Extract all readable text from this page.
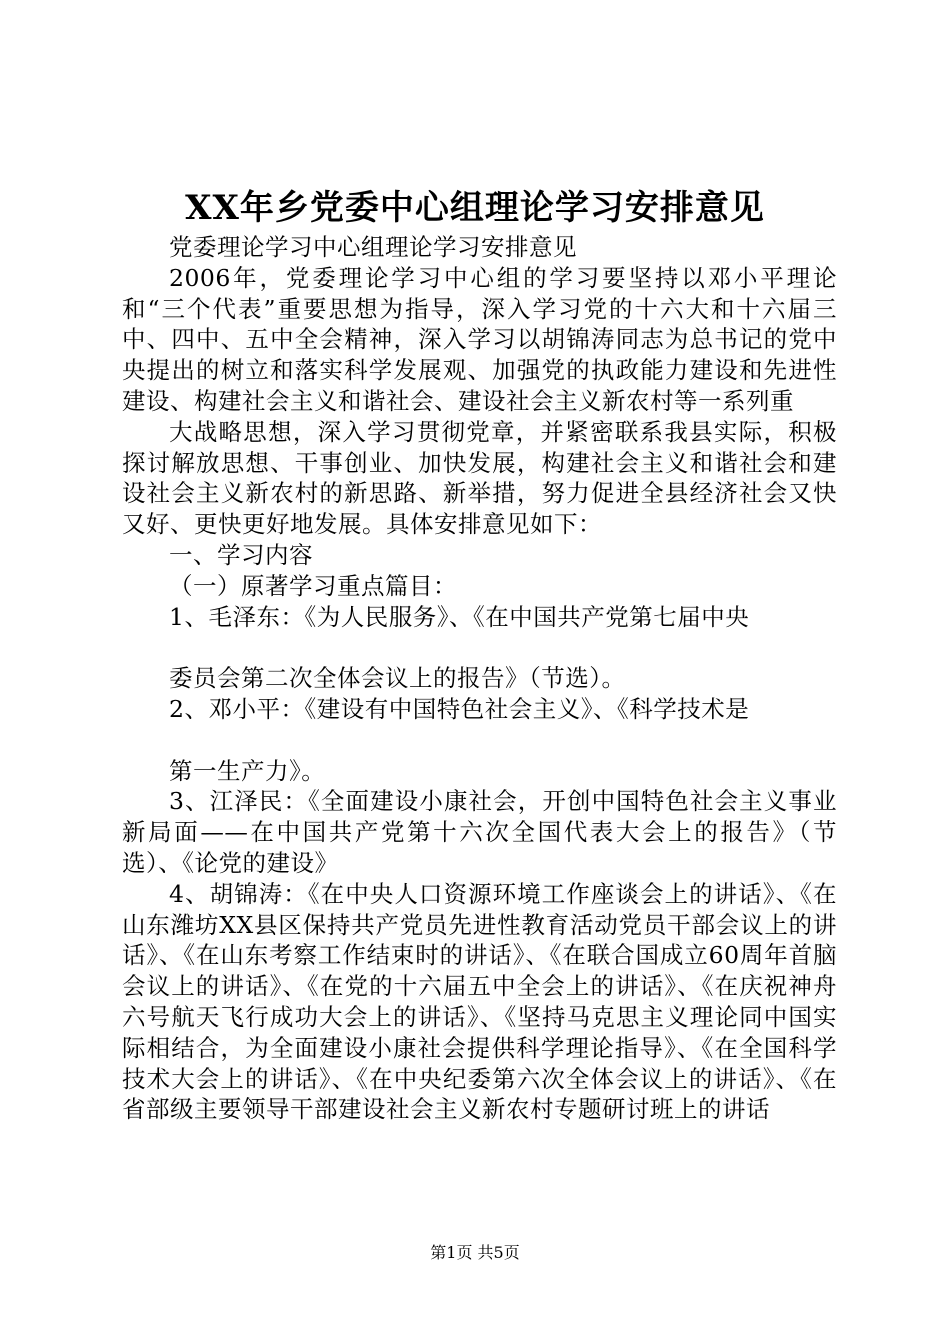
XX年乡党委中心组理论学习安排意见

党委理论学习中心组理论学习安排意见

2006年，党委理论学习中心组的学习要坚持以邓小平理论和“三个代表”重要思想为指导，深入学习党的十六大和十六届三中、四中、五中全会精神，深入学习以胡锦涛同志为总书记的党中央提出的树立和落实科学发展观、加强党的执政能力建设和先进性建设、构建社会主义和谐社会、建设社会主义新农村等一系列重

大战略思想，深入学习贯彻党章，并紧密联系我县实际，积极探讨解放思想、干事创业、加快发展，构建社会主义和谐社会和建设社会主义新农村的新思路、新举措，努力促进全县经济社会又快又好、更快更好地发展。具体安排意见如下：

一、学习内容

（一）原著学习重点篇目：

1、毛泽东：《为人民服务》、《在中国共产党第七届中央

委员会第二次全体会议上的报告》（节选）。

2、邓小平：《建设有中国特色社会主义》、《科学技术是

第一生产力》。

3、江泽民：《全面建设小康社会，开创中国特色社会主义事业新局面——在中国共产党第十六次全国代表大会上的报告》（节选）、《论党的建设》

4、胡锦涛：《在中央人口资源环境工作座谈会上的讲话》、《在山东潍坊XX县区保持共产党员先进性教育活动党员干部会议上的讲话》、《在山东考察工作结束时的讲话》、《在联合国成立60周年首脑会议上的讲话》、《在党的十六届五中全会上的讲话》、《在庆祝神舟六号航天飞行成功大会上的讲话》、《坚持马克思主义理论同中国实际相结合，为全面建设小康社会提供科学理论指导》、《在全国科学技术大会上的讲话》、《在中央纪委第六次全体会议上的讲话》、《在省部级主要领导干部建设社会主义新农村专题研讨班上的讲话

第1页 共5页
